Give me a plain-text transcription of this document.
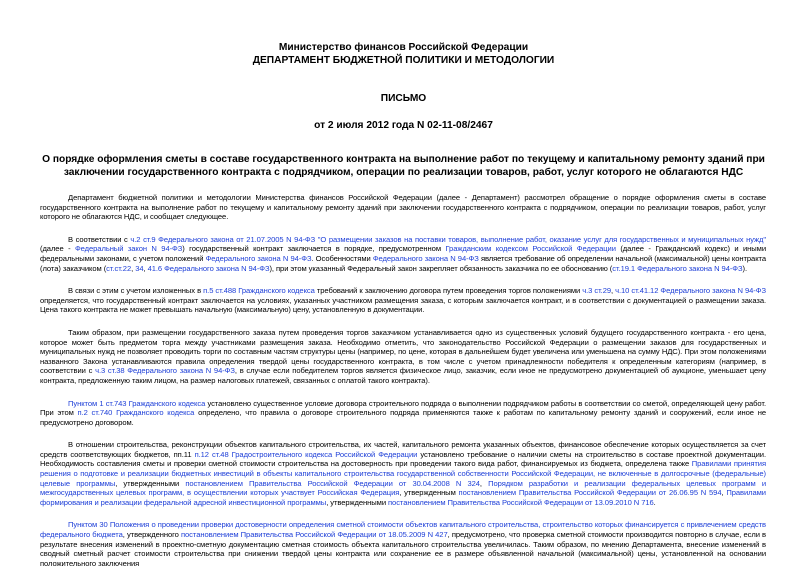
Министерство финансов Российской Федерации
ДЕПАРТАМЕНТ БЮДЖЕТНОЙ ПОЛИТИКИ И МЕТОДОЛОГИИ
ПИСЬМО
от 2 июля 2012 года N 02-11-08/2467
О порядке оформления сметы в составе государственного контракта на выполнение работ по текущему и капитальному ремонту зданий при заключении государственного контракта с подрядчиком, операции по реализации товаров, работ, услуг которого не облагаются НДС

Департамент бюджетной политики и методологии Министерства финансов Российской Федерации (далее - Департамент) рассмотрел обращение о порядке оформления сметы в составе государственного контракта на выполнение работ по текущему и капитальному ремонту зданий при заключении государственного контракта с подрядчиком, операции по реализации товаров, работ, услуг которого не облагаются НДС, и сообщает следующее.

В соответствии с ч.2 ст.9 Федерального закона от 21.07.2005 N 94-ФЗ "О размещении заказов на поставки товаров, выполнение работ, оказание услуг для государственных и муниципальных нужд" (далее - Федеральный закон N 94-ФЗ) государственный контракт заключается в порядке, предусмотренном Гражданским кодексом Российской Федерации (далее - Гражданский кодекс) и иными федеральными законами, с учетом положений Федерального закона N 94-ФЗ. Особенностями Федерального закона N 94-ФЗ является требование об определении начальной (максимальной) цены контракта (лота) заказчиком (ст.ст.22, 34, 41.6 Федерального закона N 94-ФЗ), при этом указанный Федеральный закон закрепляет обязанность заказчика по ее обоснованию (ст.19.1 Федерального закона N 94-ФЗ).

В связи с этим с учетом изложенных в п.5 ст.488 Гражданского кодекса требований к заключению договора путем проведения торгов положениями ч.3 ст.29, ч.10 ст.41.12 Федерального закона N 94-ФЗ определяется, что государственный контракт заключается на условиях, указанных участником размещения заказа, с которым заключается контракт, и в соответствии с документацией о размещении заказа. Цена такого контракта не может превышать начальную (максимальную) цену, установленную в документации.

Таким образом, при размещении государственного заказа путем проведения торгов заказчиком устанавливается одно из существенных условий будущего государственного контракта - его цена, которое может быть предметом торга между участниками размещения заказа. Необходимо отметить, что законодательство Российской Федерации о размещении заказов для государственных и муниципальных нужд не позволяет проводить торги по составным частям структуры цены (например, по цене, которая в дальнейшем будет увеличена или уменьшена на сумму НДС). При этом положениями названного Закона устанавливаются правила определения твердой цены государственного контракта, в том числе с учетом принадлежности победителя к определенным категориям (например, в соответствии с ч.3 ст.38 Федерального закона N 94-ФЗ, в случае если победителем торгов является физическое лицо, заказчик, если иное не предусмотрено документацией об аукционе, уменьшает цену контракта, предложенную таким лицом, на размер налоговых платежей, связанных с оплатой такого контракта).

Пунктом 1 ст.743 Гражданского кодекса установлено существенное условие договора строительного подряда о выполнении подрядчиком работы в соответствии со сметой, определяющей цену работ. При этом п.2 ст.740 Гражданского кодекса определено, что правила о договоре строительного подряда применяются также к работам по капитальному ремонту зданий и сооружений, если иное не предусмотрено договором.

В отношении строительства, реконструкции объектов капитального строительства, их частей, капитального ремонта указанных объектов, финансовое обеспечение которых осуществляется за счет средств соответствующих бюджетов, пп.11 п.12 ст.48 Градостроительного кодекса Российской Федерации установлено требование о наличии сметы на строительство в составе проектной документации. Необходимость составления сметы и проверки сметной стоимости строительства на достоверность при проведении такого вида работ, финансируемых из бюджета, определена также Правилами принятия решения о подготовке и реализации бюджетных инвестиций в объекты капитального строительства государственной собственности Российской Федерации, не включенные в долгосрочные (федеральные) целевые программы, утвержденными постановлением Правительства Российской Федерации от 30.04.2008 N 324, Порядком разработки и реализации федеральных целевых программ и межгосударственных целевых программ, в осуществлении которых участвует Российская Федерация, утвержденным постановлением Правительства Российской Федерации от 26.06.95 N 594, Правилами формирования и реализации федеральной адресной инвестиционной программы, утвержденными постановлением Правительства Российской Федерации от 13.09.2010 N 716.

Пунктом 30 Положения о проведении проверки достоверности определения сметной стоимости объектов капитального строительства, строительство которых финансируется с привлечением средств федерального бюджета, утвержденного постановлением Правительства Российской Федерации от 18.05.2009 N 427, предусмотрено, что проверка сметной стоимости производится повторно в случае, если в результате внесения изменений в проектно-сметную документацию сметная стоимость объекта капитального строительства увеличилась. Таким образом, по мнению Департамента, внесение изменений в сводный сметный расчет стоимости строительства при снижении твердой цены контракта или сохранение ее в размере объявленной начальной (максимальной) цены, установленной на основании положительного заключения
